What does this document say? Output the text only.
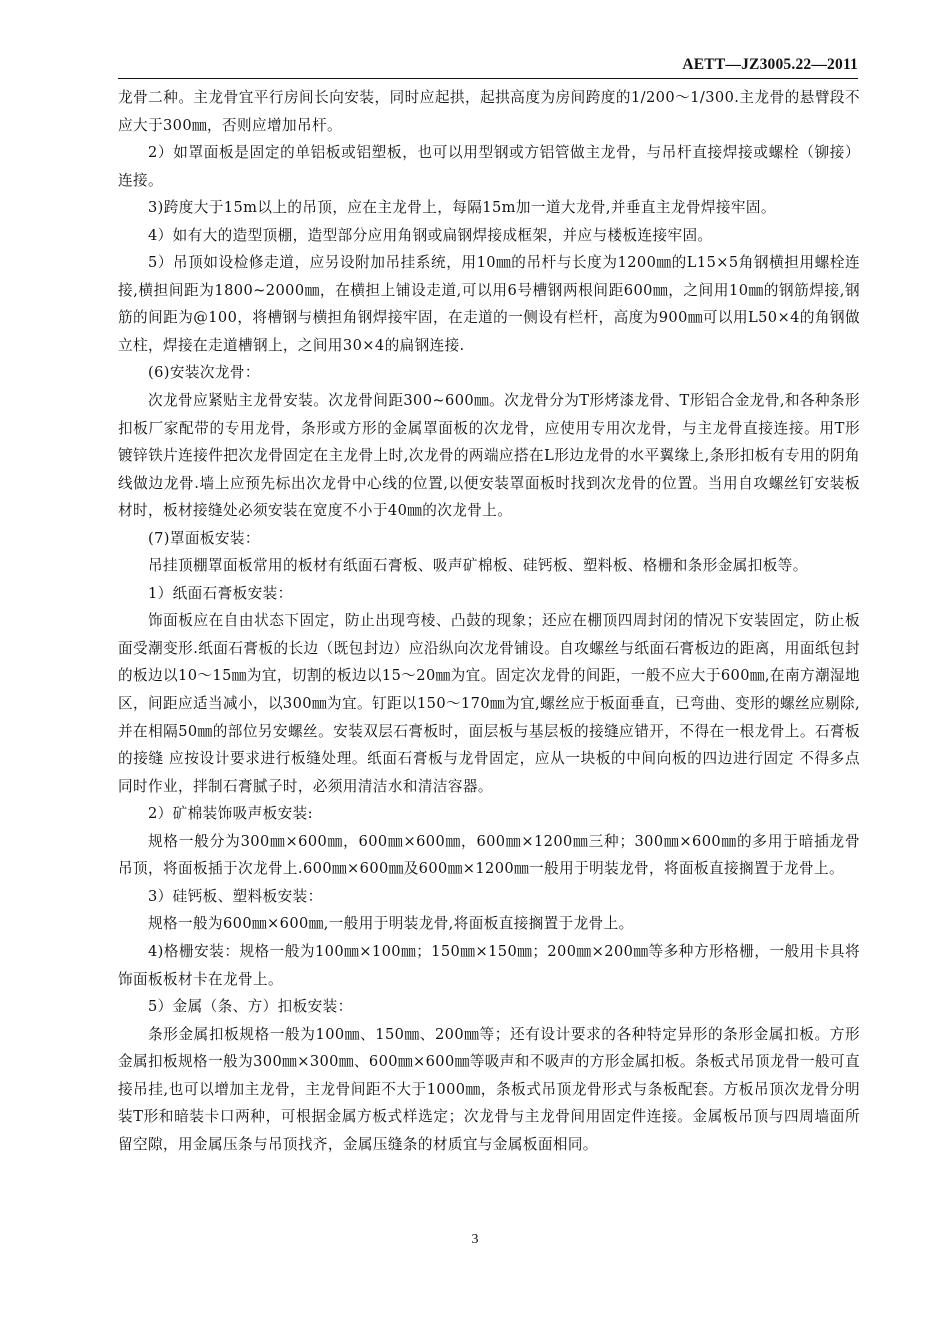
AETT—JZ3005.22—2011

龙骨二种。主龙骨宜平行房间长向安装，同时应起拱，起拱高度为房间跨度的1/200～1/300.主龙骨的悬臂段不应大于300㎜，否则应增加吊杆。

2）如罩面板是固定的单铝板或铝塑板，也可以用型钢或方铝管做主龙骨，与吊杆直接焊接或螺栓（铆接）连接。

3)跨度大于15m以上的吊顶，应在主龙骨上，每隔15m加一道大龙骨,并垂直主龙骨焊接牢固。

4）如有大的造型顶棚，造型部分应用角钢或扁钢焊接成框架，并应与楼板连接牢固。

5）吊顶如设检修走道，应另设附加吊挂系统，用10㎜的吊杆与长度为1200㎜的L15×5角钢横担用螺栓连接,横担间距为1800~2000㎜，在横担上铺设走道,可以用6号槽钢两根间距600㎜，之间用10㎜的钢筋焊接,钢筋的间距为@100，将槽钢与横担角钢焊接牢固，在走道的一侧设有栏杆，高度为900㎜可以用L50×4的角钢做立柱，焊接在走道槽钢上，之间用30×4的扁钢连接.

(6)安装次龙骨：

次龙骨应紧贴主龙骨安装。次龙骨间距300~600㎜。次龙骨分为T形烤漆龙骨、T形铝合金龙骨,和各种条形扣板厂家配带的专用龙骨，条形或方形的金属罩面板的次龙骨，应使用专用次龙骨，与主龙骨直接连接。用T形镀锌铁片连接件把次龙骨固定在主龙骨上时,次龙骨的两端应搭在L形边龙骨的水平翼缘上,条形扣板有专用的阴角线做边龙骨.墙上应预先标出次龙骨中心线的位置,以便安装罩面板时找到次龙骨的位置。当用自攻螺丝钉安装板材时，板材接缝处必须安装在宽度不小于40㎜的次龙骨上。

(7)罩面板安装：

吊挂顶棚罩面板常用的板材有纸面石膏板、吸声矿棉板、硅钙板、塑料板、格栅和条形金属扣板等。

1）纸面石膏板安装：

饰面板应在自由状态下固定，防止出现弯棱、凸鼓的现象；还应在棚顶四周封闭的情况下安装固定，防止板面受潮变形.纸面石膏板的长边（既包封边）应沿纵向次龙骨铺设。自攻螺丝与纸面石膏板边的距离，用面纸包封的板边以10～15㎜为宜，切割的板边以15～20㎜为宜。固定次龙骨的间距，一般不应大于600㎜,在南方潮湿地区，间距应适当减小，以300㎜为宜。钉距以150～170㎜为宜,螺丝应于板面垂直，已弯曲、变形的螺丝应剔除,并在相隔50㎜的部位另安螺丝。安装双层石膏板时，面层板与基层板的接缝应错开，不得在一根龙骨上。石膏板的接缝 应按设计要求进行板缝处理。纸面石膏板与龙骨固定，应从一块板的中间向板的四边进行固定 不得多点同时作业，拌制石膏腻子时，必须用清洁水和清洁容器。

2）矿棉装饰吸声板安装:

规格一般分为300㎜×600㎜，600㎜×600㎜，600㎜×1200㎜三种；300㎜×600㎜的多用于暗插龙骨吊顶，将面板插于次龙骨上.600㎜×600㎜及600㎜×1200㎜一般用于明装龙骨，将面板直接搁置于龙骨上。

3）硅钙板、塑料板安装：

规格一般为600㎜×600㎜,一般用于明装龙骨,将面板直接搁置于龙骨上。

4)格栅安装：规格一般为100㎜×100㎜；150㎜×150㎜；200㎜×200㎜等多种方形格栅，一般用卡具将饰面板板材卡在龙骨上。

5）金属（条、方）扣板安装：

条形金属扣板规格一般为100㎜、150㎜、200㎜等；还有设计要求的各种特定异形的条形金属扣板。方形金属扣板规格一般为300㎜×300㎜、600㎜×600㎜等吸声和不吸声的方形金属扣板。条板式吊顶龙骨一般可直接吊挂,也可以增加主龙骨，主龙骨间距不大于1000㎜，条板式吊顶龙骨形式与条板配套。方板吊顶次龙骨分明装T形和暗装卡口两种，可根据金属方板式样选定；次龙骨与主龙骨间用固定件连接。金属板吊顶与四周墙面所留空隙，用金属压条与吊顶找齐，金属压缝条的材质宜与金属板面相同。

3
